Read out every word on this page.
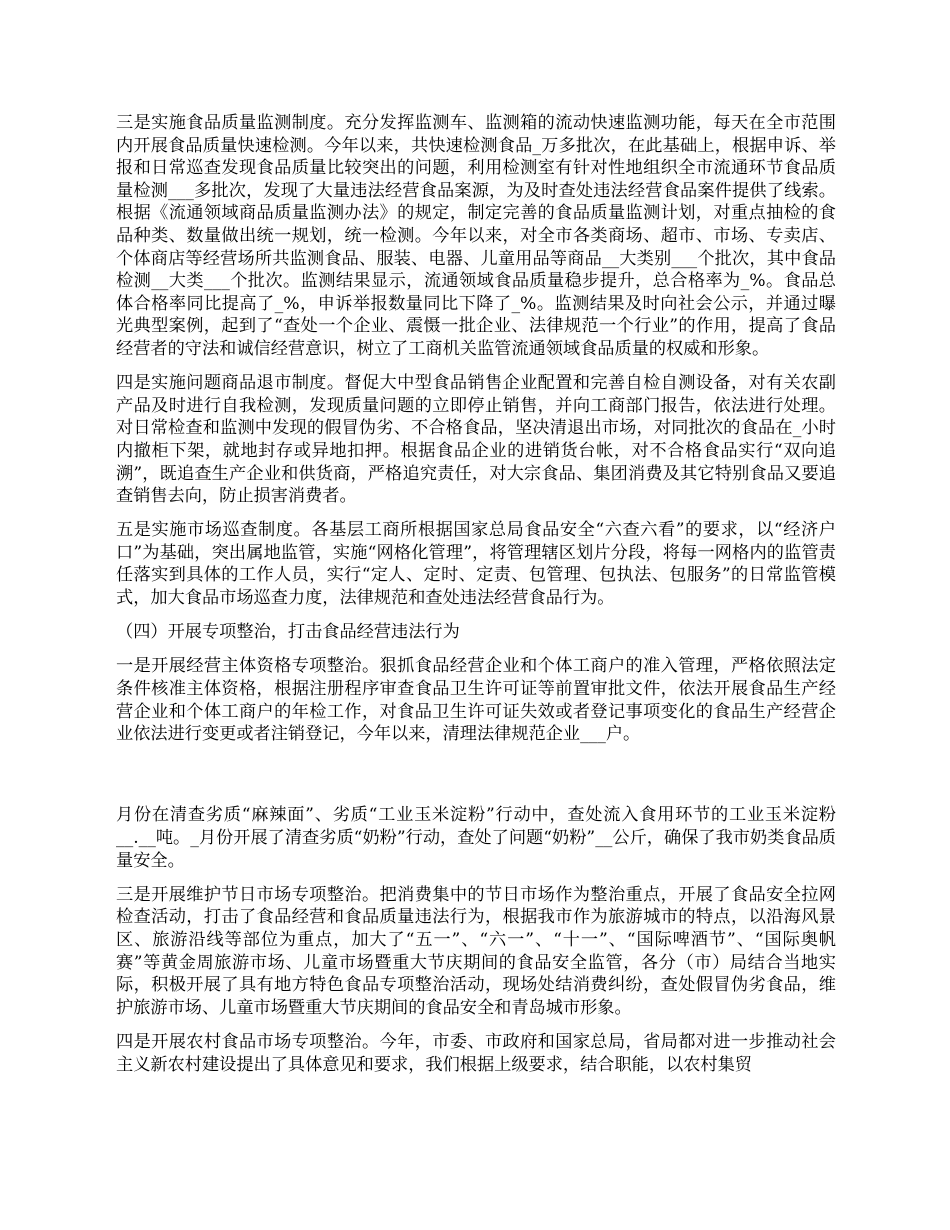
三是实施食品质量监测制度。充分发挥监测车、监测箱的流动快速监测功能，每天在全市范围内开展食品质量快速检测。今年以来，共快速检测食品_万多批次，在此基础上，根据申诉、举报和日常巡查发现食品质量比较突出的问题，利用检测室有针对性地组织全市流通环节食品质量检测___多批次，发现了大量违法经营食品案源，为及时查处违法经营食品案件提供了线索。根据《流通领域商品质量监测办法》的规定，制定完善的食品质量监测计划，对重点抽检的食品种类、数量做出统一规划，统一检测。今年以来，对全市各类商场、超市、市场、专卖店、个体商店等经营场所共监测食品、服装、电器、儿童用品等商品__大类别___个批次，其中食品检测__大类___个批次。监测结果显示，流通领域食品质量稳步提升，总合格率为_%。食品总体合格率同比提高了_%，申诉举报数量同比下降了_%。监测结果及时向社会公示，并通过曝光典型案例，起到了“查处一个企业、震慑一批企业、法律规范一个行业”的作用，提高了食品经营者的守法和诚信经营意识，树立了工商机关监管流通领域食品质量的权威和形象。

四是实施问题商品退市制度。督促大中型食品销售企业配置和完善自检自测设备，对有关农副产品及时进行自我检测，发现质量问题的立即停止销售，并向工商部门报告，依法进行处理。对日常检查和监测中发现的假冒伪劣、不合格食品，坚决清退出市场，对同批次的食品在_小时内撤柜下架，就地封存或异地扣押。根据食品企业的进销货台帐，对不合格食品实行“双向追溯”，既追查生产企业和供货商，严格追究责任，对大宗食品、集团消费及其它特别食品又要追查销售去向，防止损害消费者。

五是实施市场巡查制度。各基层工商所根据国家总局食品安全“六查六看”的要求，以“经济户口”为基础，突出属地监管，实施“网格化管理”，将管理辖区划片分段，将每一网格内的监管责任落实到具体的工作人员，实行“定人、定时、定责、包管理、包执法、包服务”的日常监管模式，加大食品市场巡查力度，法律规范和查处违法经营食品行为。

（四）开展专项整治，打击食品经营违法行为

一是开展经营主体资格专项整治。狠抓食品经营企业和个体工商户的准入管理，严格依照法定条件核准主体资格，根据注册程序审查食品卫生许可证等前置审批文件，依法开展食品生产经营企业和个体工商户的年检工作，对食品卫生许可证失效或者登记事项变化的食品生产经营企业依法进行变更或者注销登记，今年以来，清理法律规范企业___户。

月份在清查劣质“麻辣面”、劣质“工业玉米淀粉”行动中，查处流入食用环节的工业玉米淀粉__.__吨。_月份开展了清查劣质“奶粉”行动，查处了问题“奶粉”__公斤，确保了我市奶类食品质量安全。

三是开展维护节日市场专项整治。把消费集中的节日市场作为整治重点，开展了食品安全拉网检查活动，打击了食品经营和食品质量违法行为，根据我市作为旅游城市的特点，以沿海风景区、旅游沿线等部位为重点，加大了“五一”、“六一”、“十一”、“国际啤酒节”、“国际奥帆赛”等黄金周旅游市场、儿童市场暨重大节庆期间的食品安全监管，各分（市）局结合当地实际，积极开展了具有地方特色食品专项整治活动，现场处结消费纠纷，查处假冒伪劣食品，维护旅游市场、儿童市场暨重大节庆期间的食品安全和青岛城市形象。

四是开展农村食品市场专项整治。今年，市委、市政府和国家总局，省局都对进一步推动社会主义新农村建设提出了具体意见和要求，我们根据上级要求，结合职能，以农村集贸
